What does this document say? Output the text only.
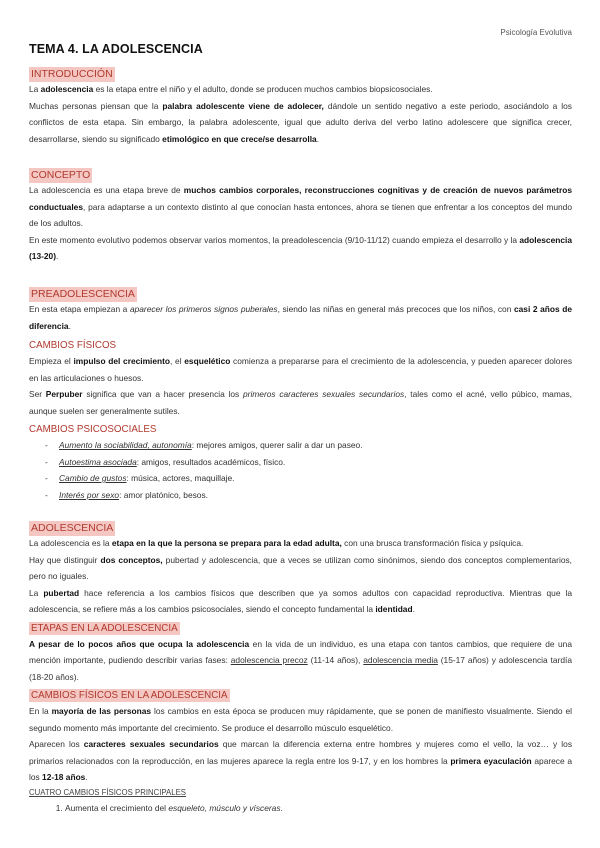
Psicología Evolutiva
TEMA 4. LA ADOLESCENCIA
INTRODUCCIÓN

La adolescencia es la etapa entre el niño y el adulto, donde se producen muchos cambios biopsicosociales.

Muchas personas piensan que la palabra adolescente viene de adolecer, dándole un sentido negativo a este periodo, asociándolo a los conflictos de esta etapa. Sin embargo, la palabra adolescente, igual que adulto deriva del verbo latino adolescere que significa crecer, desarrollarse, siendo su significado etimológico en que crece/se desarrolla.

CONCEPTO

La adolescencia es una etapa breve de muchos cambios corporales, reconstrucciones cognitivas y de creación de nuevos parámetros conductuales, para adaptarse a un contexto distinto al que conocían hasta entonces, ahora se tienen que enfrentar a los conceptos del mundo de los adultos.

En este momento evolutivo podemos observar varios momentos, la preadolescencia (9/10-11/12) cuando empieza el desarrollo y la adolescencia (13-20).

PREADOLESCENCIA

En esta etapa empiezan a aparecer los primeros signos puberales, siendo las niñas en general más precoces que los niños, con casi 2 años de diferencia.

CAMBIOS FÍSICOS

Empieza el impulso del crecimiento, el esquelético comienza a prepararse para el crecimiento de la adolescencia, y pueden aparecer dolores en las articulaciones o huesos.

Ser Perpuber significa que van a hacer presencia los primeros caracteres sexuales secundarios, tales como el acné, vello púbico, mamas, aunque suelen ser generalmente sutiles.

CAMBIOS PSICOSOCIALES
- Aumento la sociabilidad, autonomía: mejores amigos, querer salir a dar un paseo.
- Autoestima asociada: amigos, resultados académicos, físico.
- Cambio de gustos: música, actores, maquillaje.
- Interés por sexo: amor platónico, besos.
ADOLESCENCIA

La adolescencia es la etapa en la que la persona se prepara para la edad adulta, con una brusca transformación física y psíquica.

Hay que distinguir dos conceptos, pubertad y adolescencia, que a veces se utilizan como sinónimos, siendo dos conceptos complementarios, pero no iguales.

La pubertad hace referencia a los cambios físicos que describen que ya somos adultos con capacidad reproductiva. Mientras que la adolescencia, se refiere más a los cambios psicosociales, siendo el concepto fundamental la identidad.

ETAPAS EN LA ADOLESCENCIA

A pesar de lo pocos años que ocupa la adolescencia en la vida de un individuo, es una etapa con tantos cambios, que requiere de una mención importante, pudiendo describir varias fases: adolescencia precoz (11-14 años), adolescencia media (15-17 años) y adolescencia tardía (18-20 años).

CAMBIOS FÍSICOS EN LA ADOLESCENCIA

En la mayoría de las personas los cambios en esta época se producen muy rápidamente, que se ponen de manifiesto visualmente. Siendo el segundo momento más importante del crecimiento. Se produce el desarrollo músculo esquelético.

Aparecen los caracteres sexuales secundarios que marcan la diferencia externa entre hombres y mujeres como el vello, la voz… y los primarios relacionados con la reproducción, en las mujeres aparece la regla entre los 9-17, y en los hombres la primera eyaculación aparece a los 12-18 años.

CUATRO CAMBIOS FÍSICOS PRINCIPALES
1. Aumenta el crecimiento del esqueleto, músculo y vísceras.
